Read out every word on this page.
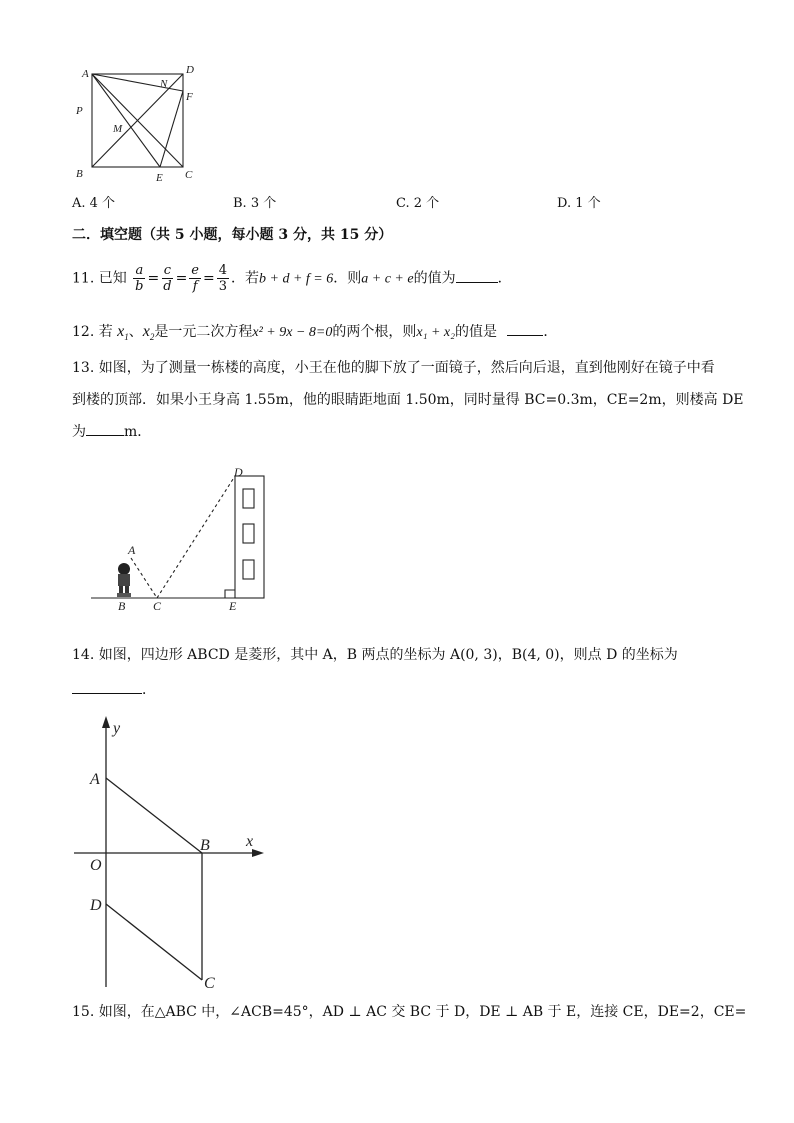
A	D
N
F
P
M
B	E C
A. 4 个	B. 3 个	C. 2 个	D. 1 个
二．填空题（共 5 小题，每小题 3 分，共 15 分）
11. 已知 $\frac{a}{b} = \frac{c}{d} = \frac{e}{f} = \frac{4}{3}$ ．若b + d + f = 6．则a + c + e的值为	．
12. 若 $x_1$、$x_2$是一元二次方程x² + 9x − 8=0的两个根，则x₁ + x₂的值是	．
13. 如图，为了测量一栋楼的高度，小王在他的脚下放了一面镜子，然后向后退，直到他刚好在镜子中看
到楼的顶部．如果小王身高 1.55m，他的眼睛距地面 1.50m，同时量得 BC=0.3m，CE=2m，则楼高 DE
为	m．
D
A
B C	E
14. 如图，四边形 ABCD 是菱形，其中 A，B 两点的坐标为 A(0, 3)，B(4, 0)，则点 D 的坐标为
．
y
A
B x
O
D
C
15. 如图，在△ABC 中，∠ACB=45°，AD ⊥ AC 交 BC 于 D，DE ⊥ AB 于 E，连接 CE，DE=2，CE=
